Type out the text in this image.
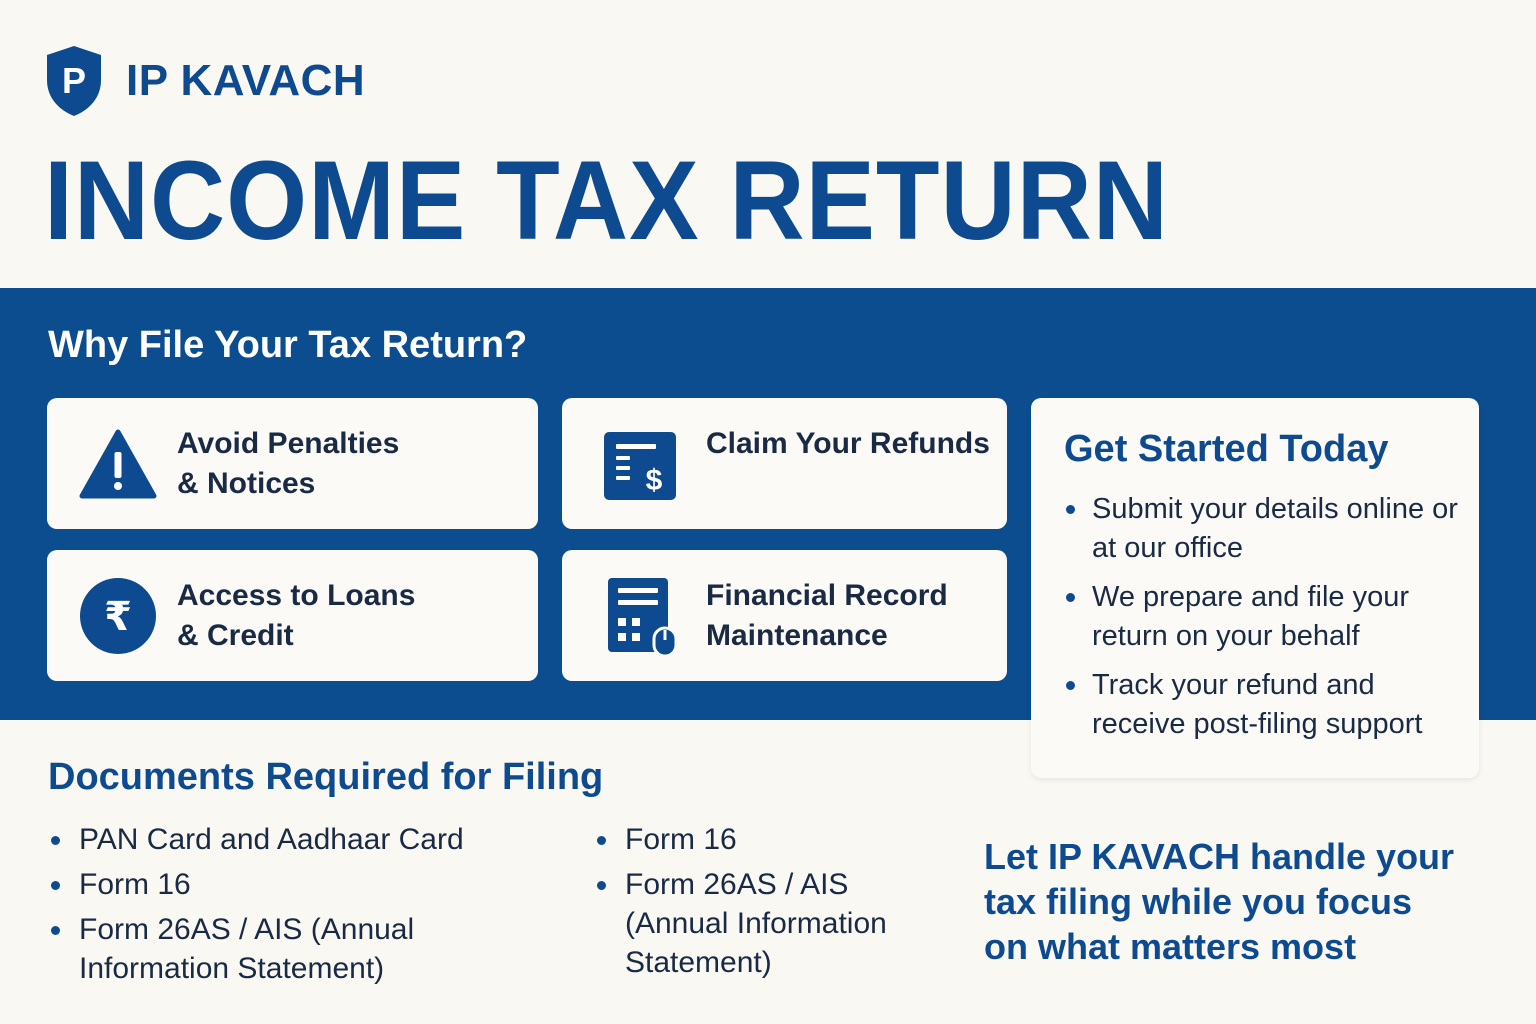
P IP KAVACH
INCOME TAX RETURN
Why File Your Tax Return?
Avoid Penalties
& Notices	$
Claim Your Refunds
₹ Access to Loans
& Credit
Financial Record
Maintenance
Get Started Today
Submit your details online or at our office
We prepare and file your return on your behalf
Track your refund and receive post-filing support
Documents Required for Filing
PAN Card and Aadhaar Card
Form 16
Form 26AS / AIS (Annual Information Statement)
Form 16
Form 26AS / AIS (Annual Information Statement)

Let IP KAVACH handle your tax filing while you focus on what matters most
